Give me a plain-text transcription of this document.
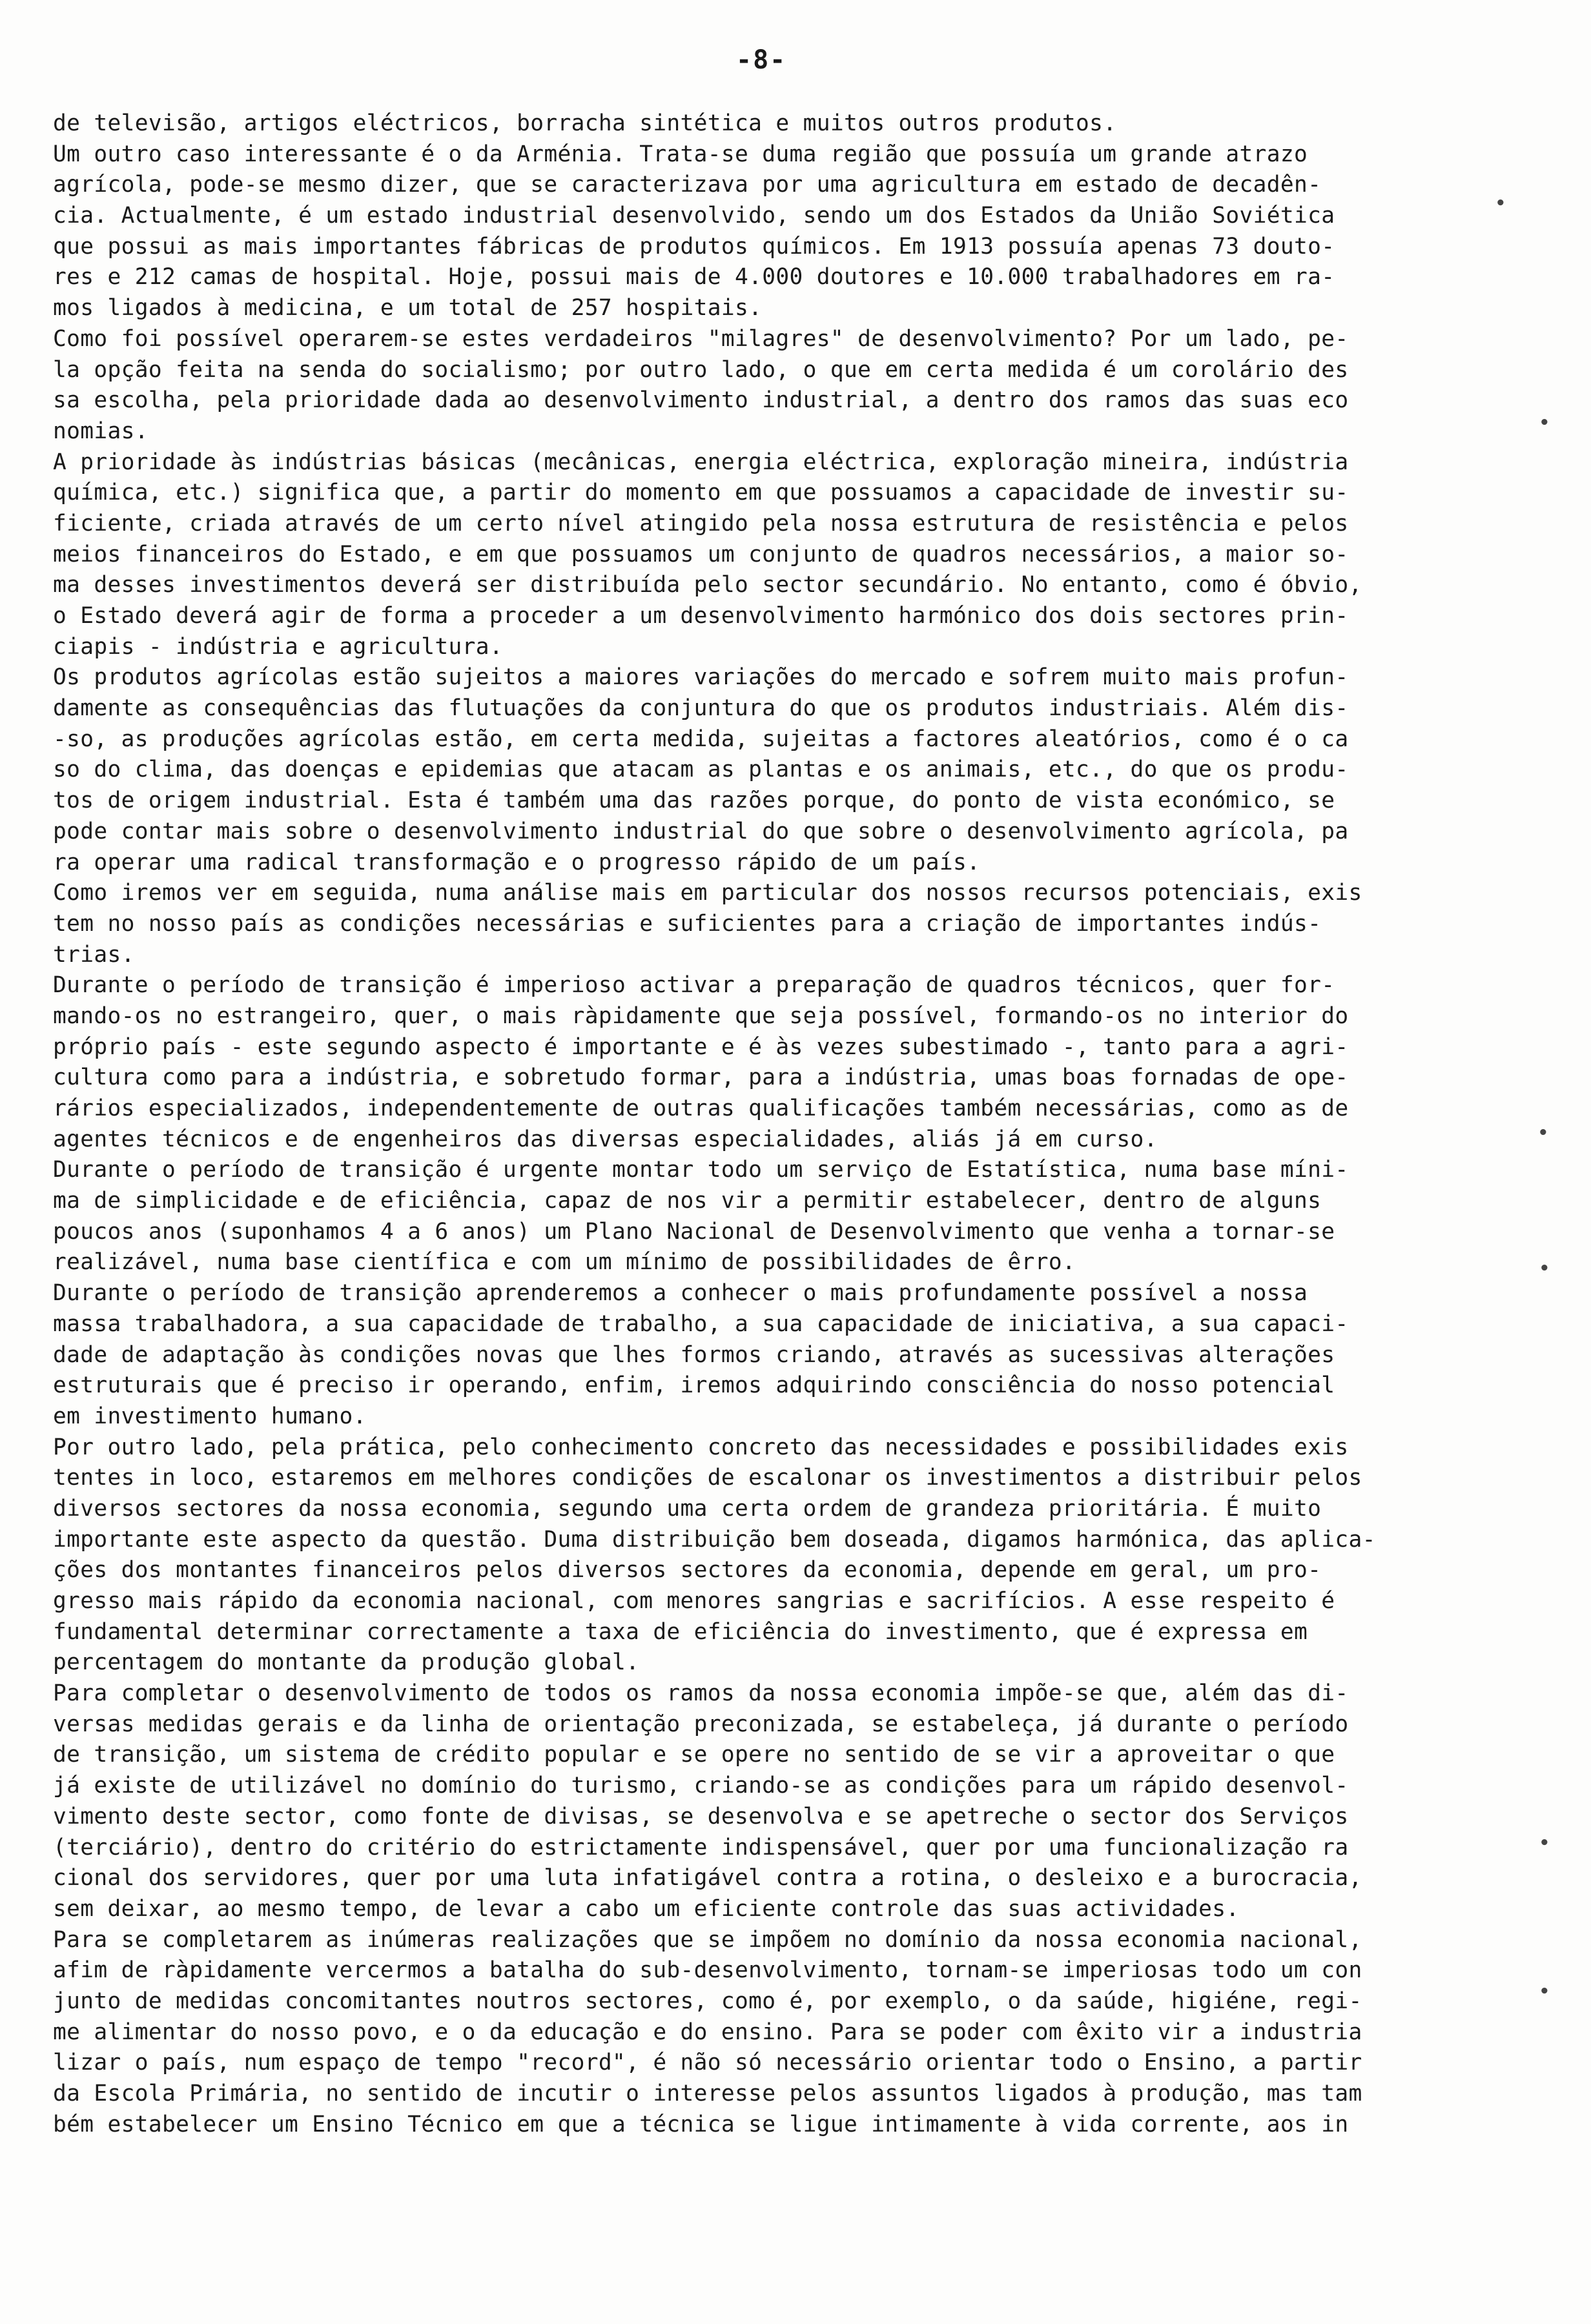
-8-
•
•
•
•
•
•
de televisão, artigos eléctricos, borracha sintética e muitos outros produtos.
Um outro caso interessante é o da Arménia. Trata-se duma região que possuía um grande atrazo
agrícola, pode-se mesmo dizer, que se caracterizava por uma agricultura em estado de decadên-
cia. Actualmente, é um estado industrial desenvolvido, sendo um dos Estados da União Soviética
que possui as mais importantes fábricas de produtos químicos. Em 1913 possuía apenas 73 douto-
res e 212 camas de hospital. Hoje, possui mais de 4.000 doutores e 10.000 trabalhadores em ra-
mos ligados à medicina, e um total de 257 hospitais.
Como foi possível operarem-se estes verdadeiros "milagres" de desenvolvimento? Por um lado, pe-
la opção feita na senda do socialismo; por outro lado, o que em certa medida é um corolário des
sa escolha, pela prioridade dada ao desenvolvimento industrial, a dentro dos ramos das suas eco
nomias.
A prioridade às indústrias básicas (mecânicas, energia eléctrica, exploração mineira, indústria
química, etc.) significa que, a partir do momento em que possuamos a capacidade de investir su-
ficiente, criada através de um certo nível atingido pela nossa estrutura de resistência e pelos
meios financeiros do Estado, e em que possuamos um conjunto de quadros necessários, a maior so-
ma desses investimentos deverá ser distribuída pelo sector secundário. No entanto, como é óbvio,
o Estado deverá agir de forma a proceder a um desenvolvimento harmónico dos dois sectores prin-
ciapis - indústria e agricultura.
Os produtos agrícolas estão sujeitos a maiores variações do mercado e sofrem muito mais profun-
damente as consequências das flutuações da conjuntura do que os produtos industriais. Além dis-
-so, as produções agrícolas estão, em certa medida, sujeitas a factores aleatórios, como é o ca
so do clima, das doenças e epidemias que atacam as plantas e os animais, etc., do que os produ-
tos de origem industrial. Esta é também uma das razões porque, do ponto de vista económico, se
pode contar mais sobre o desenvolvimento industrial do que sobre o desenvolvimento agrícola, pa
ra operar uma radical transformação e o progresso rápido de um país.
Como iremos ver em seguida, numa análise mais em particular dos nossos recursos potenciais, exis
tem no nosso país as condições necessárias e suficientes para a criação de importantes indús-
trias.
Durante o período de transição é imperioso activar a preparação de quadros técnicos, quer for-
mando-os no estrangeiro, quer, o mais ràpidamente que seja possível, formando-os no interior do
próprio país - este segundo aspecto é importante e é às vezes subestimado -, tanto para a agri-
cultura como para a indústria, e sobretudo formar, para a indústria, umas boas fornadas de ope-
rários especializados, independentemente de outras qualificações também necessárias, como as de
agentes técnicos e de engenheiros das diversas especialidades, aliás já em curso.
Durante o período de transição é urgente montar todo um serviço de Estatística, numa base míni-
ma de simplicidade e de eficiência, capaz de nos vir a permitir estabelecer, dentro de alguns
poucos anos (suponhamos 4 a 6 anos) um Plano Nacional de Desenvolvimento que venha a tornar-se
realizável, numa base científica e com um mínimo de possibilidades de êrro.
Durante o período de transição aprenderemos a conhecer o mais profundamente possível a nossa
massa trabalhadora, a sua capacidade de trabalho, a sua capacidade de iniciativa, a sua capaci-
dade de adaptação às condições novas que lhes formos criando, através as sucessivas alterações
estruturais que é preciso ir operando, enfim, iremos adquirindo consciência do nosso potencial
em investimento humano.
Por outro lado, pela prática, pelo conhecimento concreto das necessidades e possibilidades exis
tentes in loco, estaremos em melhores condições de escalonar os investimentos a distribuir pelos
diversos sectores da nossa economia, segundo uma certa ordem de grandeza prioritária. É muito
importante este aspecto da questão. Duma distribuição bem doseada, digamos harmónica, das aplica-
ções dos montantes financeiros pelos diversos sectores da economia, depende em geral, um pro-
gresso mais rápido da economia nacional, com menores sangrias e sacrifícios. A esse respeito é
fundamental determinar correctamente a taxa de eficiência do investimento, que é expressa em
percentagem do montante da produção global.
Para completar o desenvolvimento de todos os ramos da nossa economia impõe-se que, além das di-
versas medidas gerais e da linha de orientação preconizada, se estabeleça, já durante o período
de transição, um sistema de crédito popular e se opere no sentido de se vir a aproveitar o que
já existe de utilizável no domínio do turismo, criando-se as condições para um rápido desenvol-
vimento deste sector, como fonte de divisas, se desenvolva e se apetreche o sector dos Serviços
(terciário), dentro do critério do estrictamente indispensável, quer por uma funcionalização ra
cional dos servidores, quer por uma luta infatigável contra a rotina, o desleixo e a burocracia,
sem deixar, ao mesmo tempo, de levar a cabo um eficiente controle das suas actividades.
Para se completarem as inúmeras realizações que se impõem no domínio da nossa economia nacional,
afim de ràpidamente vercermos a batalha do sub-desenvolvimento, tornam-se imperiosas todo um con
junto de medidas concomitantes noutros sectores, como é, por exemplo, o da saúde, higiéne, regi-
me alimentar do nosso povo, e o da educação e do ensino. Para se poder com êxito vir a industria
lizar o país, num espaço de tempo "record", é não só necessário orientar todo o Ensino, a partir
da Escola Primária, no sentido de incutir o interesse pelos assuntos ligados à produção, mas tam
bém estabelecer um Ensino Técnico em que a técnica se ligue intimamente à vida corrente, aos in
